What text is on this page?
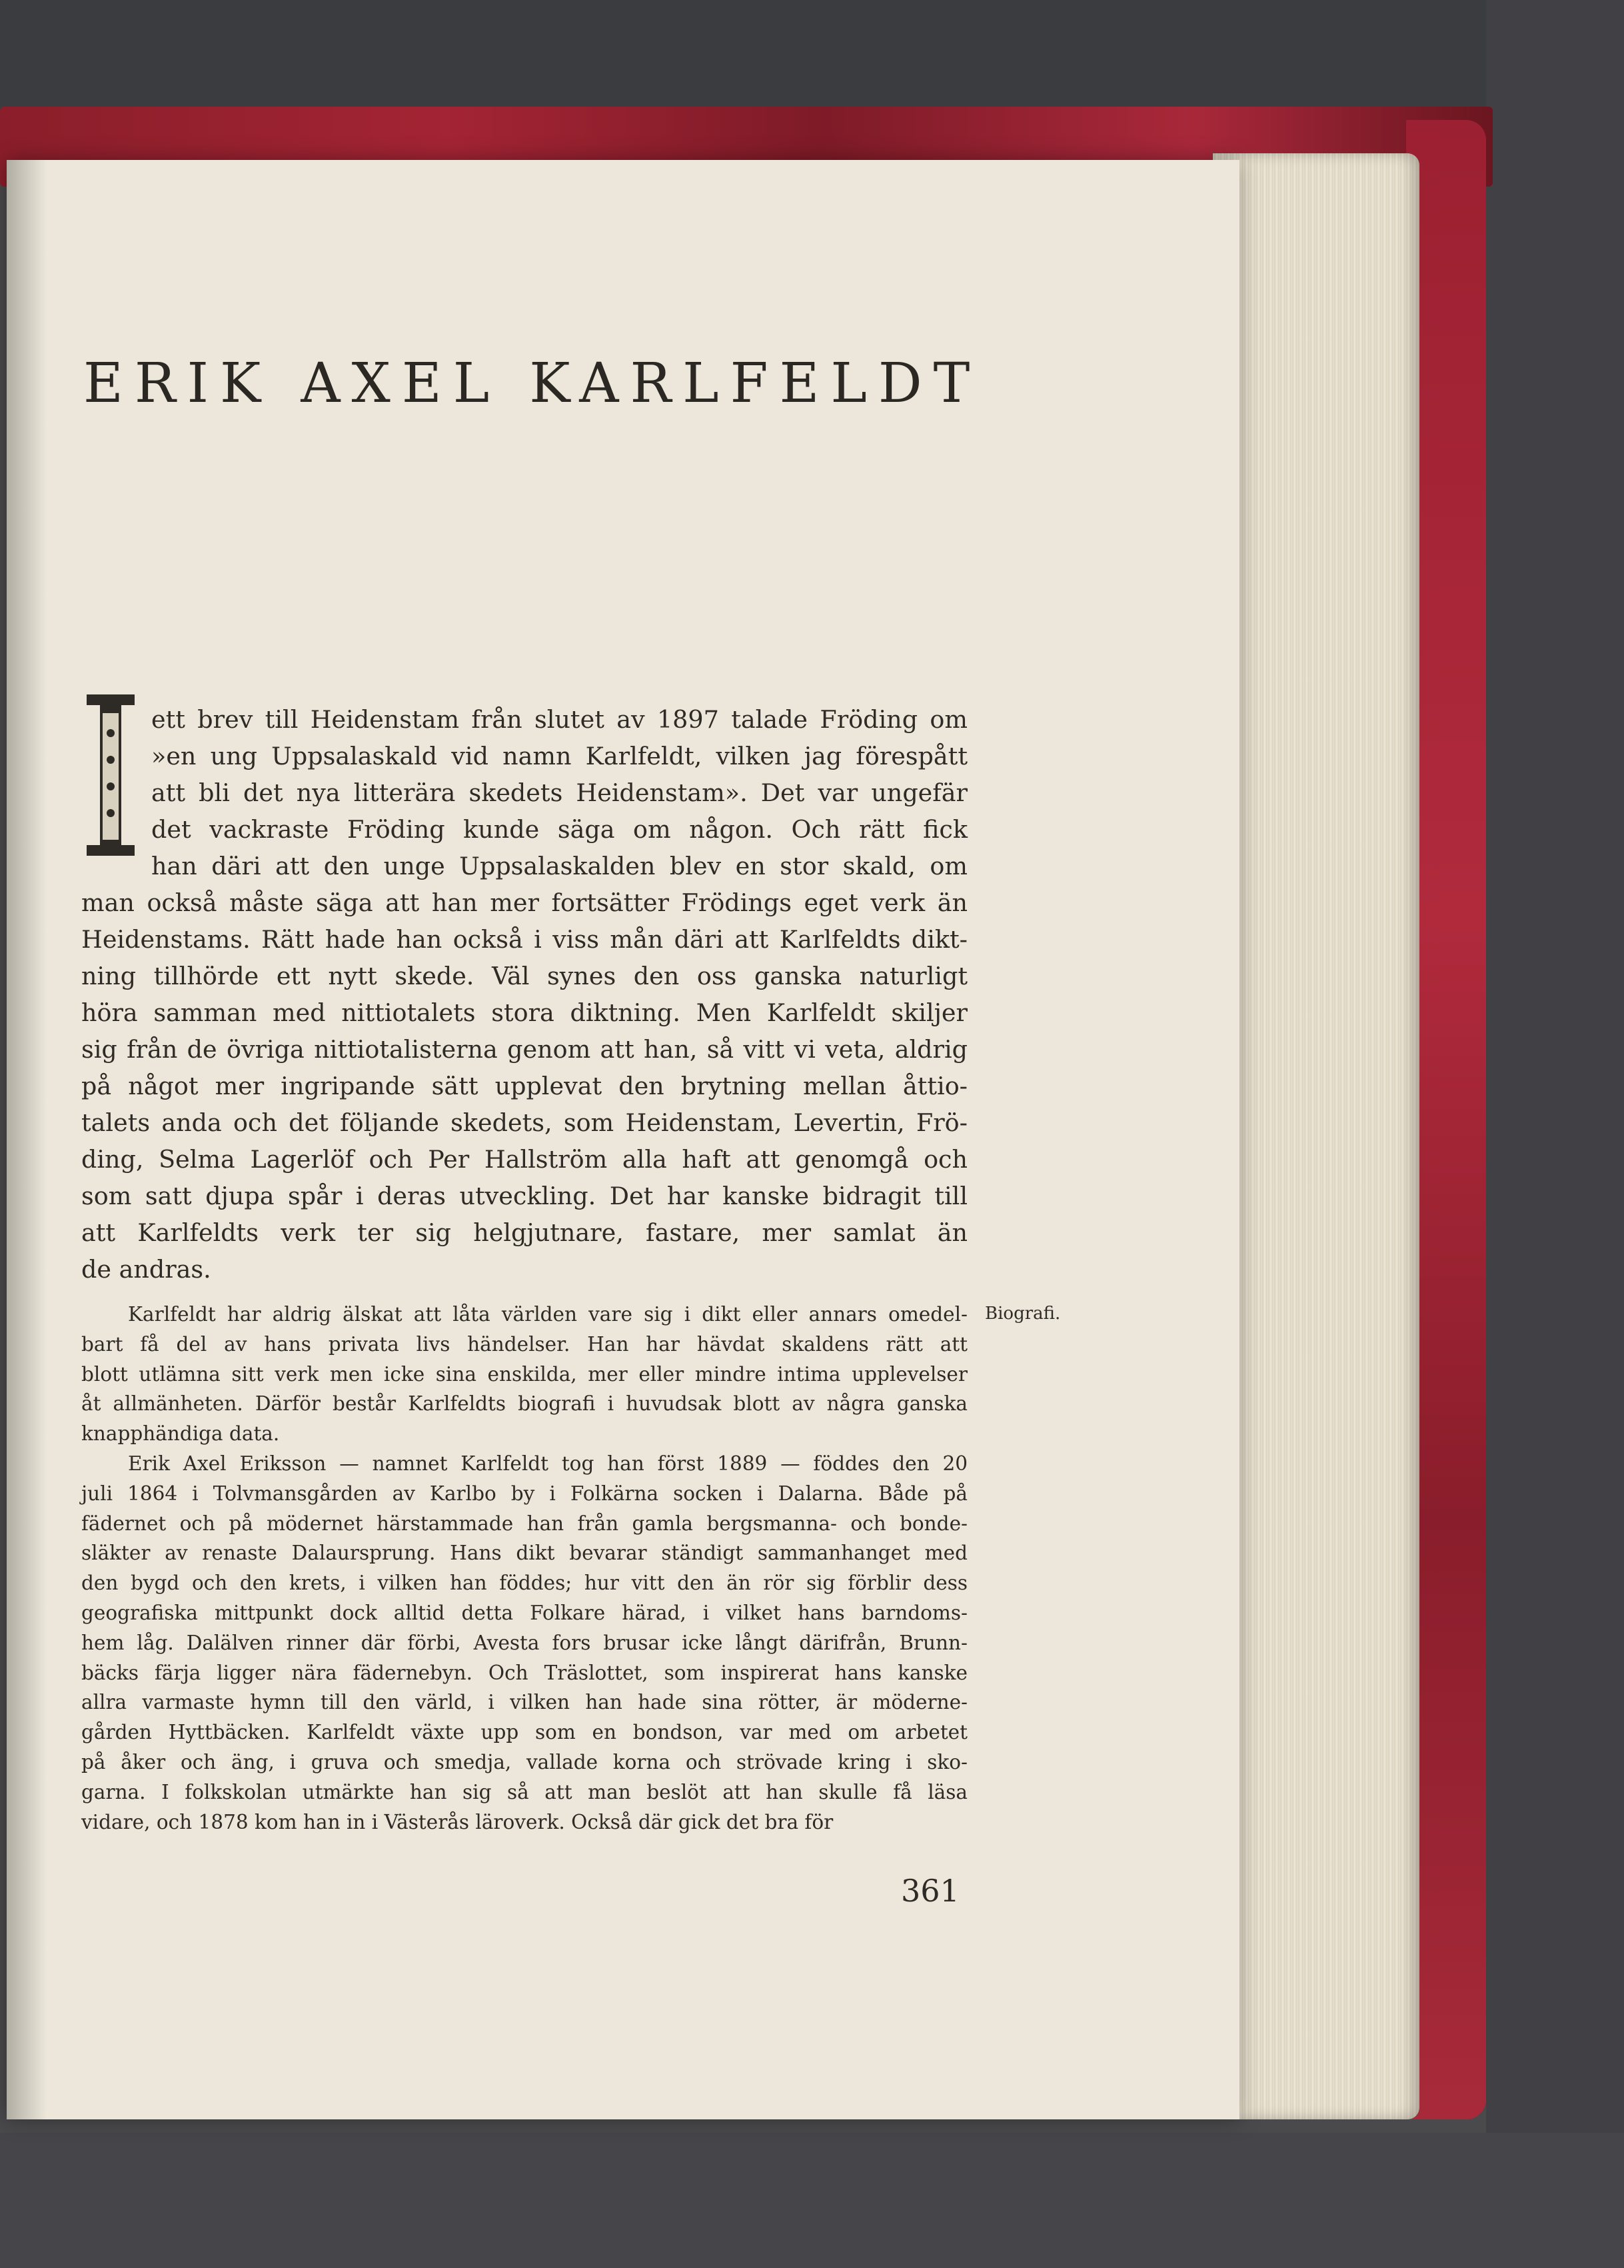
ERIK AXEL KARLFELDT
ett brev till Heidenstam från slutet av 1897 talade Fröding om
»en ung Uppsalaskald vid namn Karlfeldt, vilken jag förespått
att bli det nya litterära skedets Heidenstam». Det var ungefär
det vackraste Fröding kunde säga om någon. Och rätt fick
han däri att den unge Uppsalaskalden blev en stor skald, om
man också måste säga att han mer fortsätter Frödings eget verk än
Heidenstams. Rätt hade han också i viss mån däri att Karlfeldts dikt-
ning tillhörde ett nytt skede. Väl synes den oss ganska naturligt
höra samman med nittiotalets stora diktning. Men Karlfeldt skiljer
sig från de övriga nittiotalisterna genom att han, så vitt vi veta, aldrig
på något mer ingripande sätt upplevat den brytning mellan åttio-
talets anda och det följande skedets, som Heidenstam, Levertin, Frö-
ding, Selma Lagerlöf och Per Hallström alla haft att genomgå och
som satt djupa spår i deras utveckling. Det har kanske bidragit till
att Karlfeldts verk ter sig helgjutnare, fastare, mer samlat än
de andras.
Biografi.
Karlfeldt har aldrig älskat att låta världen vare sig i dikt eller annars omedel-
bart få del av hans privata livs händelser. Han har hävdat skaldens rätt att
blott utlämna sitt verk men icke sina enskilda, mer eller mindre intima upplevelser
åt allmänheten. Därför består Karlfeldts biografi i huvudsak blott av några ganska
knapphändiga data.
Erik Axel Eriksson — namnet Karlfeldt tog han först 1889 — föddes den 20
juli 1864 i Tolvmansgården av Karlbo by i Folkärna socken i Dalarna. Både på
fädernet och på mödernet härstammade han från gamla bergsmanna- och bonde-
släkter av renaste Dalaursprung. Hans dikt bevarar ständigt sammanhanget med
den bygd och den krets, i vilken han föddes; hur vitt den än rör sig förblir dess
geografiska mittpunkt dock alltid detta Folkare härad, i vilket hans barndoms-
hem låg. Dalälven rinner där förbi, Avesta fors brusar icke långt därifrån, Brunn-
bäcks färja ligger nära fädernebyn. Och Träslottet, som inspirerat hans kanske
allra varmaste hymn till den värld, i vilken han hade sina rötter, är möderne-
gården Hyttbäcken. Karlfeldt växte upp som en bondson, var med om arbetet
på åker och äng, i gruva och smedja, vallade korna och strövade kring i sko-
garna. I folkskolan utmärkte han sig så att man beslöt att han skulle få läsa
vidare, och 1878 kom han in i Västerås läroverk. Också där gick det bra för
361
